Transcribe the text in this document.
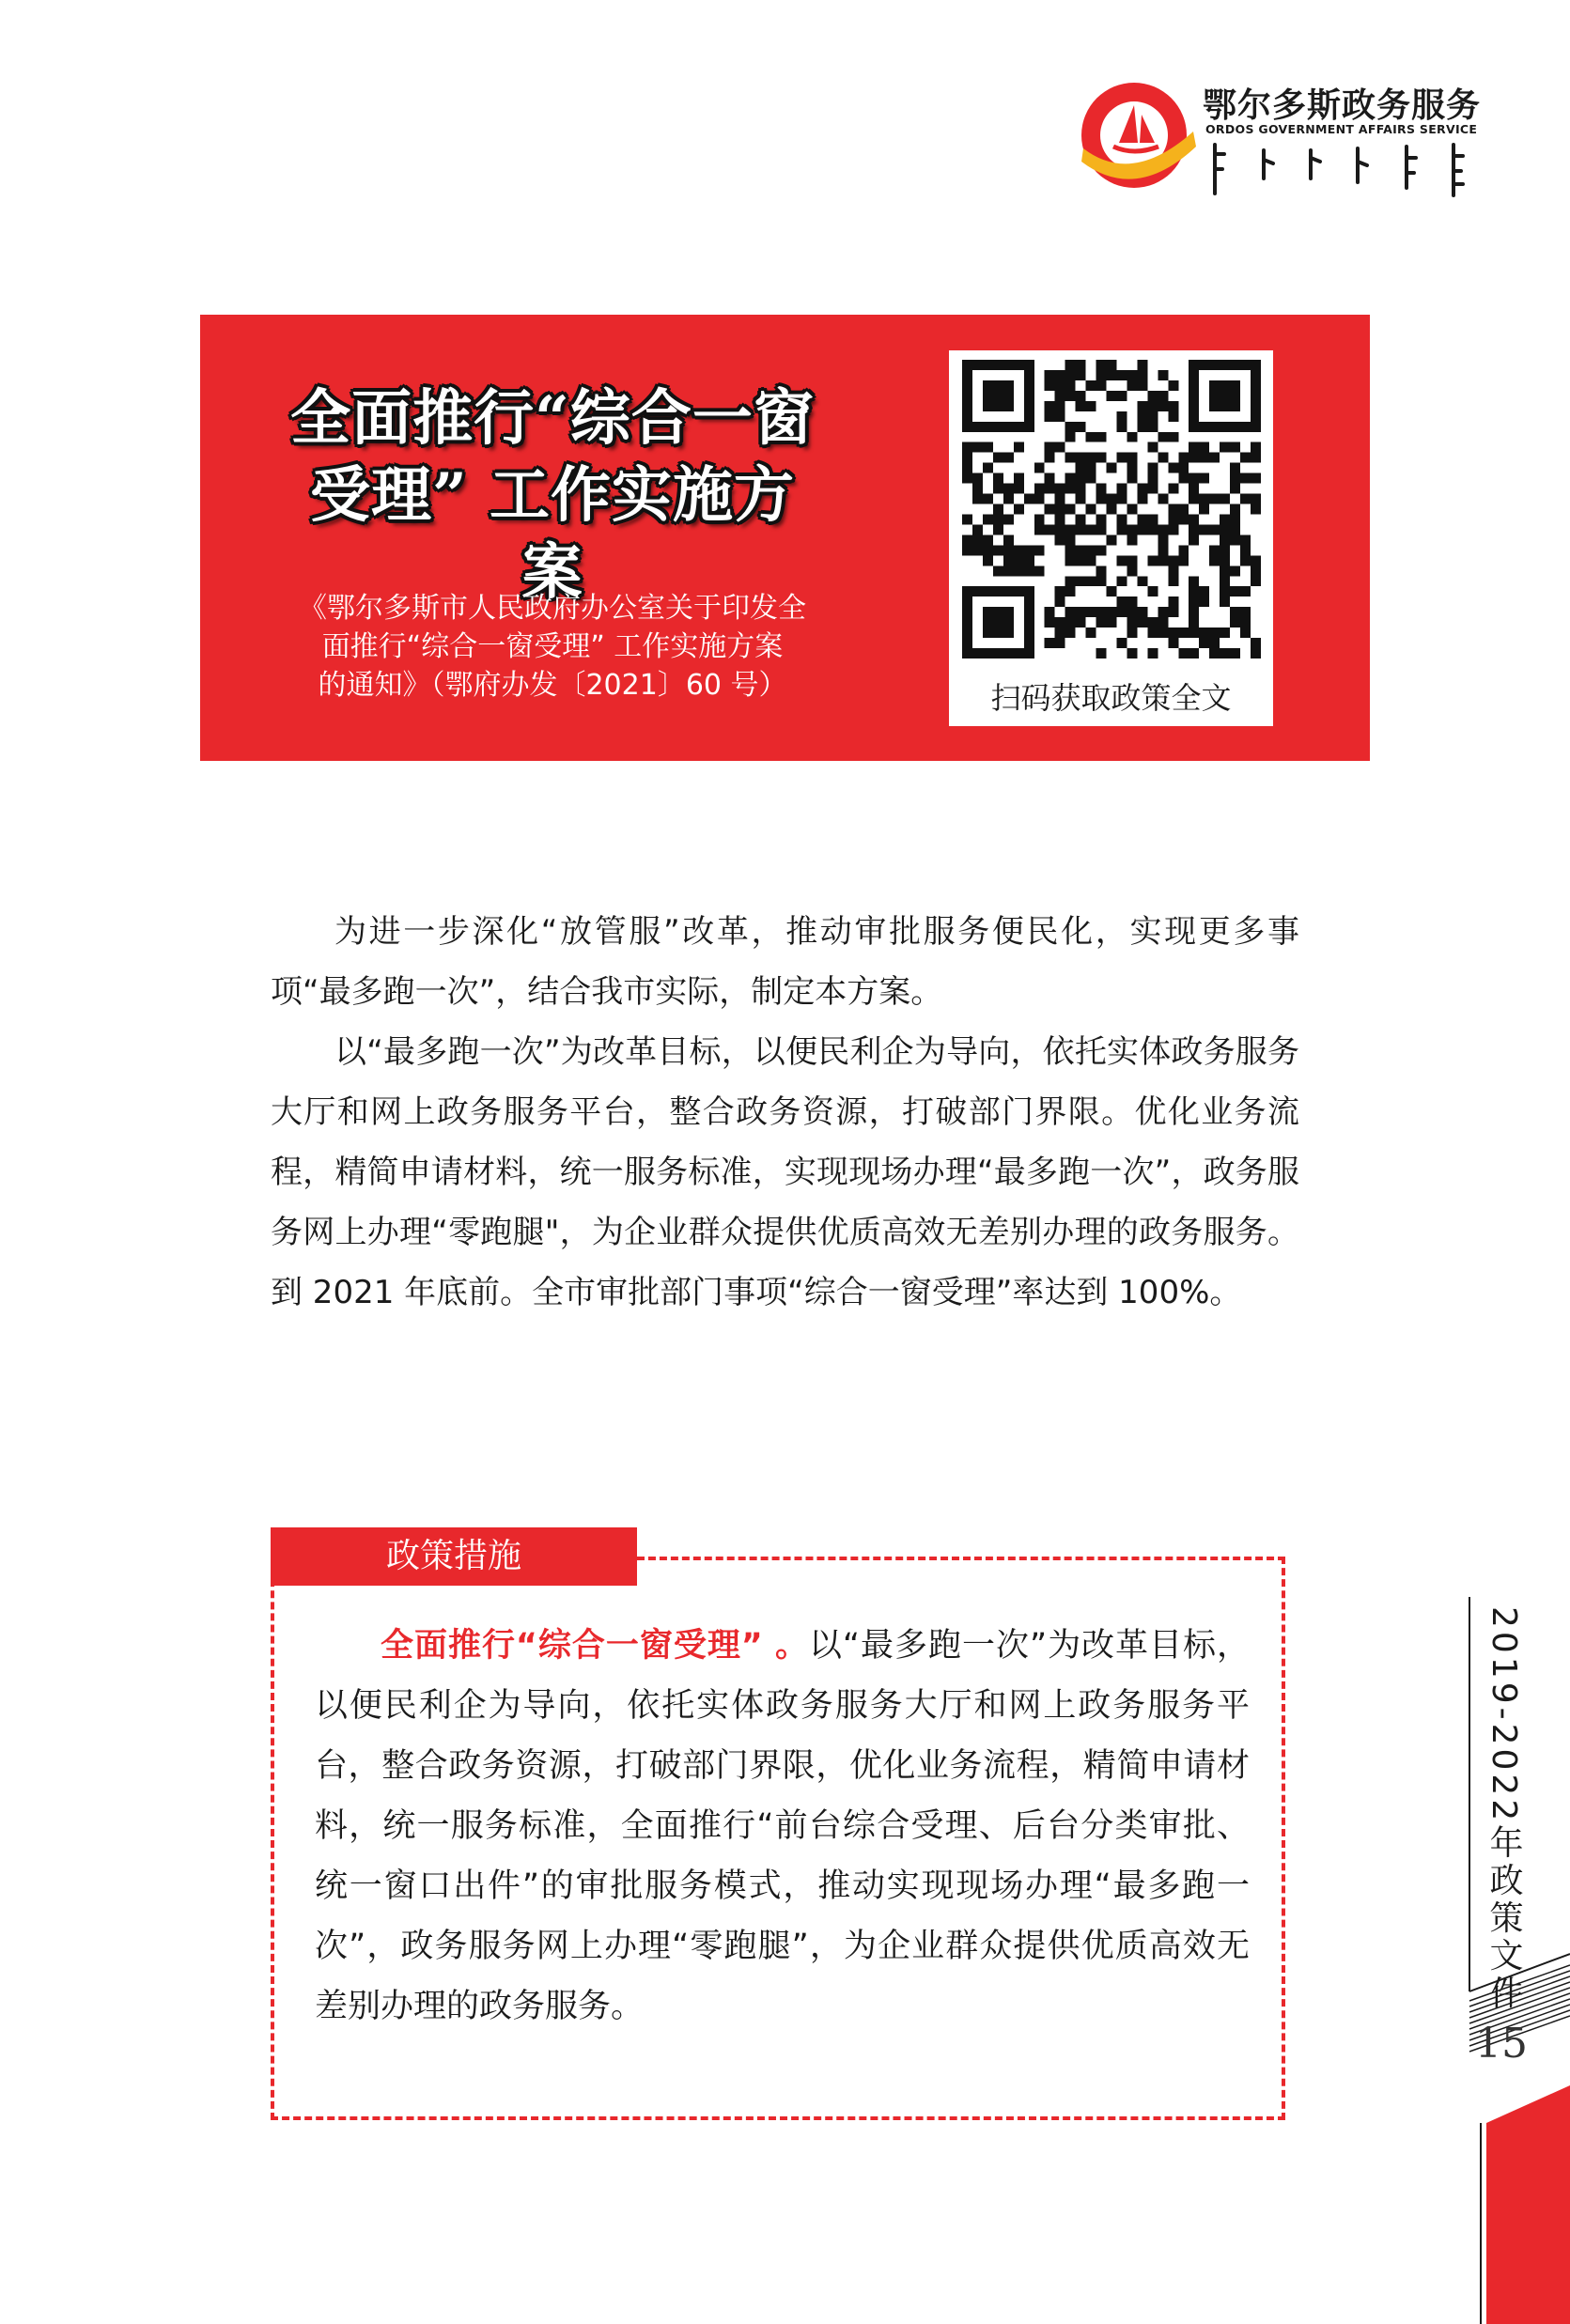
鄂尔多斯政务服务
ORDOS GOVERNMENT AFFAIRS SERVICE
全面推行“综合一窗
受理” 工作实施方案
《鄂尔多斯市人民政府办公室关于印发全
面推行“综合一窗受理” 工作实施方案
的通知》（鄂府办发〔2021〕60 号）	扫码获取政策全文

为进一步深化“放管服”改革，推动审批服务便民化，实现更多事项“最多跑一次”，结合我市实际，制定本方案。

以“最多跑一次”为改革目标，以便民利企为导向，依托实体政务服务大厅和网上政务服务平台，整合政务资源，打破部门界限。优化业务流程，精简申请材料，统一服务标准，实现现场办理“最多跑一次”，政务服务网上办理“零跑腿"，为企业群众提供优质高效无差别办理的政务服务。到 2021 年底前。全市审批部门事项“综合一窗受理”率达到 100%。

政策措施
全面推行“综合一窗受理” 。以“最多跑一次”为改革目标，以便民利企为导向，依托实体政务服务大厅和网上政务服务平台，整合政务资源，打破部门界限，优化业务流程，精简申请材料，统一服务标准，全面推行“前台综合受理、后台分类审批、统一窗口出件”的审批服务模式，推动实现现场办理“最多跑一次”，政务服务网上办理“零跑腿”，为企业群众提供优质高效无差别办理的政务服务。	2019-2022年政策文件
15
